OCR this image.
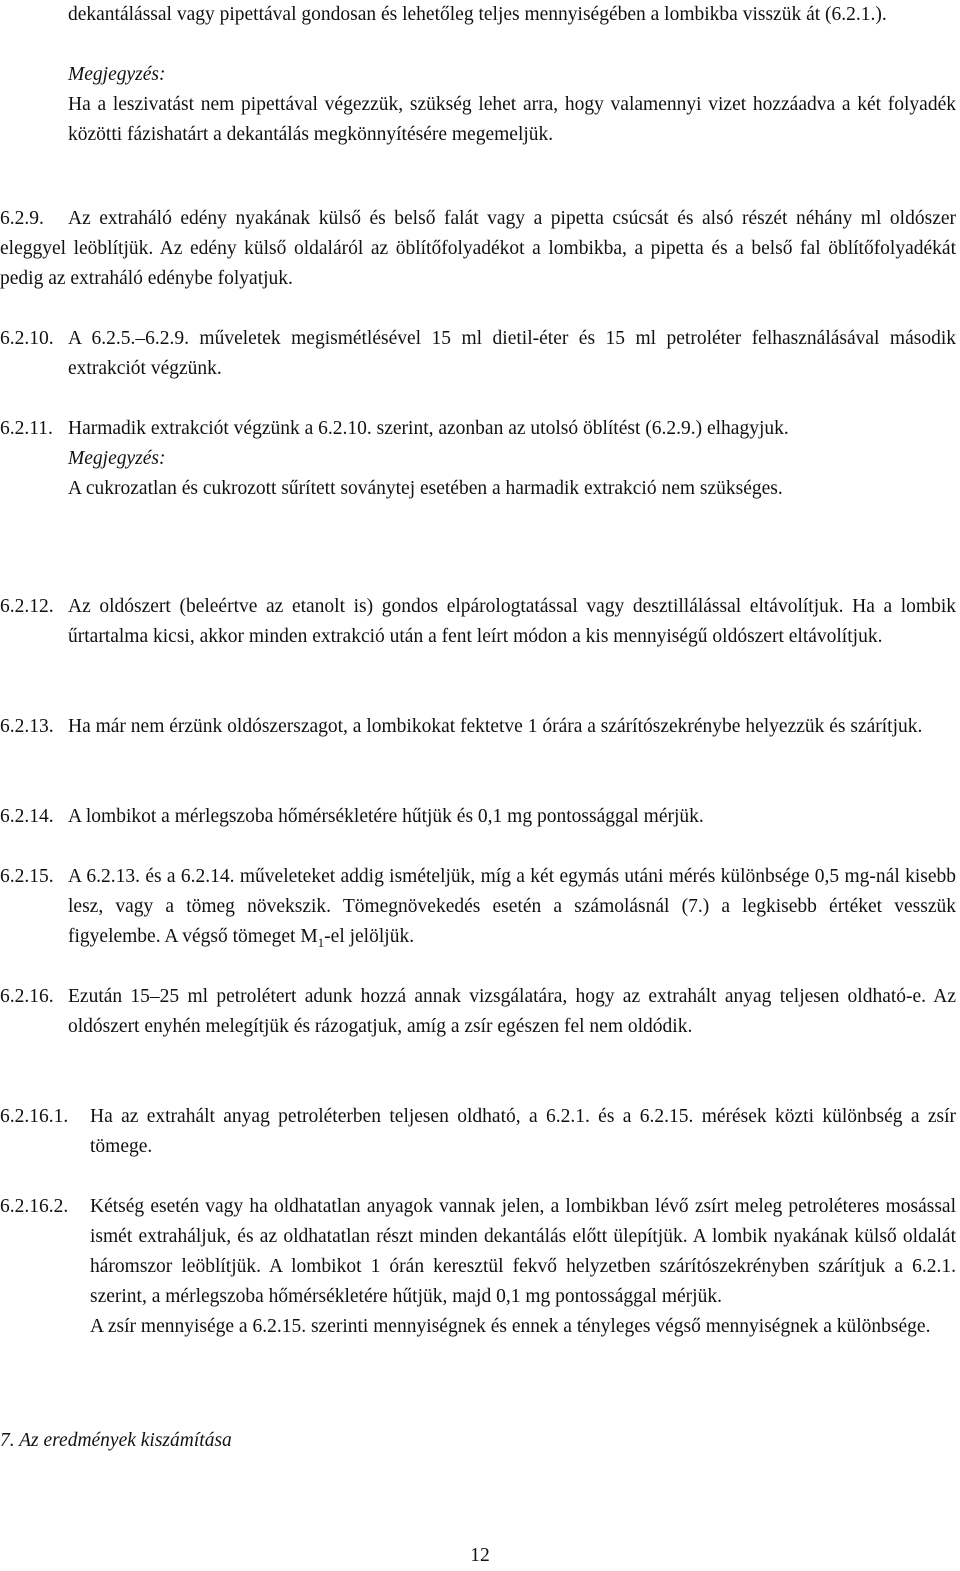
dekantálással vagy pipettával gondosan és lehetőleg teljes mennyiségében a lombikba visszük át (6.2.1.).
Megjegyzés:
Ha a leszivatást nem pipettával végezzük, szükség lehet arra, hogy valamennyi vizet hozzáadva a két folyadék közötti fázishatárt a dekantálás megkönnyítésére megemeljük.
6.2.9.	Az extraháló edény nyakának külső és belső falát vagy a pipetta csúcsát és alsó részét néhány ml oldószer eleggyel leöblítjük. Az edény külső oldaláról az öblítőfolyadékot a lombikba, a pipetta és a belső fal öblítőfolyadékát pedig az extraháló edénybe folyatjuk.
6.2.10. A 6.2.5.–6.2.9. műveletek megismétlésével 15 ml dietil-éter és 15 ml petroléter felhasználásával második extrakciót végzünk.
6.2.11. Harmadik extrakciót végzünk a 6.2.10. szerint, azonban az utolsó öblítést (6.2.9.) elhagyjuk.
Megjegyzés:
A cukrozatlan és cukrozott sűrített soványtej esetében a harmadik extrakció nem szükséges.
6.2.12. Az oldószert (beleértve az etanolt is) gondos elpárologtatással vagy desztillálással eltávolítjuk. Ha a lombik űrtartalma kicsi, akkor minden extrakció után a fent leírt módon a kis mennyiségű oldószert eltávolítjuk.
6.2.13. Ha már nem érzünk oldószerszagot, a lombikokat fektetve 1 órára a szárítószekrénybe helyezzük és szárítjuk.
6.2.14. A lombikot a mérlegszoba hőmérsékletére hűtjük és 0,1 mg pontossággal mérjük.
6.2.15. A 6.2.13. és a 6.2.14. műveleteket addig ismételjük, míg a két egymás utáni mérés különbsége 0,5 mg-nál kisebb lesz, vagy a tömeg növekszik. Tömegnövekedés esetén a számolásnál (7.) a legkisebb értéket vesszük figyelembe. A végső tömeget $M_1-el$ jelöljük.
6.2.16. Ezután 15–25 ml petrolétert adunk hozzá annak vizsgálatára, hogy az extrahált anyag teljesen oldható-e. Az oldószert enyhén melegítjük és rázogatjuk, amíg a zsír egészen fel nem oldódik.
6.2.16.1. Ha az extrahált anyag petroléterben teljesen oldható, a 6.2.1. és a 6.2.15. mérések közti különbség a zsír tömege.
6.2.16.2. Kétség esetén vagy ha oldhatatlan anyagok vannak jelen, a lombikban lévő zsírt meleg petroléteres mosással ismét extraháljuk, és az oldhatatlan részt minden dekantálás előtt ülepítjük. A lombik nyakának külső oldalát háromszor leöblítjük. A lombikot 1 órán keresztül fekvő helyzetben szárítószekrényben szárítjuk a 6.2.1. szerint, a mérlegszoba hőmérsékletére hűtjük, majd 0,1 mg pontossággal mérjük.
A zsír mennyisége a 6.2.15. szerinti mennyiségnek és ennek a tényleges végső mennyiségnek a különbsége.
7. Az eredmények kiszámítása
12
